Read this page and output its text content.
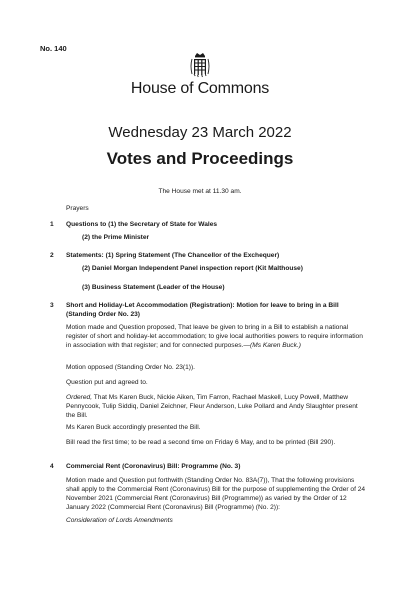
No. 140
House of Commons
Wednesday 23 March 2022
Votes and Proceedings
The House met at 11.30 am.
Prayers
1 Questions to (1) the Secretary of State for Wales
(2) the Prime Minister
2 Statements: (1) Spring Statement (The Chancellor of the Exchequer)
(2) Daniel Morgan Independent Panel inspection report (Kit Malthouse)
(3) Business Statement (Leader of the House)
3 Short and Holiday-Let Accommodation (Registration): Motion for leave to bring in a Bill (Standing Order No. 23)
Motion made and Question proposed, That leave be given to bring in a Bill to establish a national register of short and holiday-let accommodation; to give local authorities powers to require information in association with that register; and for connected purposes.—(Ms Karen Buck.)
Motion opposed (Standing Order No. 23(1)).
Question put and agreed to.
Ordered, That Ms Karen Buck, Nickie Aiken, Tim Farron, Rachael Maskell, Lucy Powell, Matthew Pennycook, Tulip Siddiq, Daniel Zeichner, Fleur Anderson, Luke Pollard and Andy Slaughter present the Bill.
Ms Karen Buck accordingly presented the Bill.
Bill read the first time; to be read a second time on Friday 6 May, and to be printed (Bill 290).
4 Commercial Rent (Coronavirus) Bill: Programme (No. 3)
Motion made and Question put forthwith (Standing Order No. 83A(7)), That the following provisions shall apply to the Commercial Rent (Coronavirus) Bill for the purpose of supplementing the Order of 24 November 2021 (Commercial Rent (Coronavirus) Bill (Programme)) as varied by the Order of 12 January 2022 (Commercial Rent (Coronavirus) Bill (Programme) (No. 2)):
Consideration of Lords Amendments
